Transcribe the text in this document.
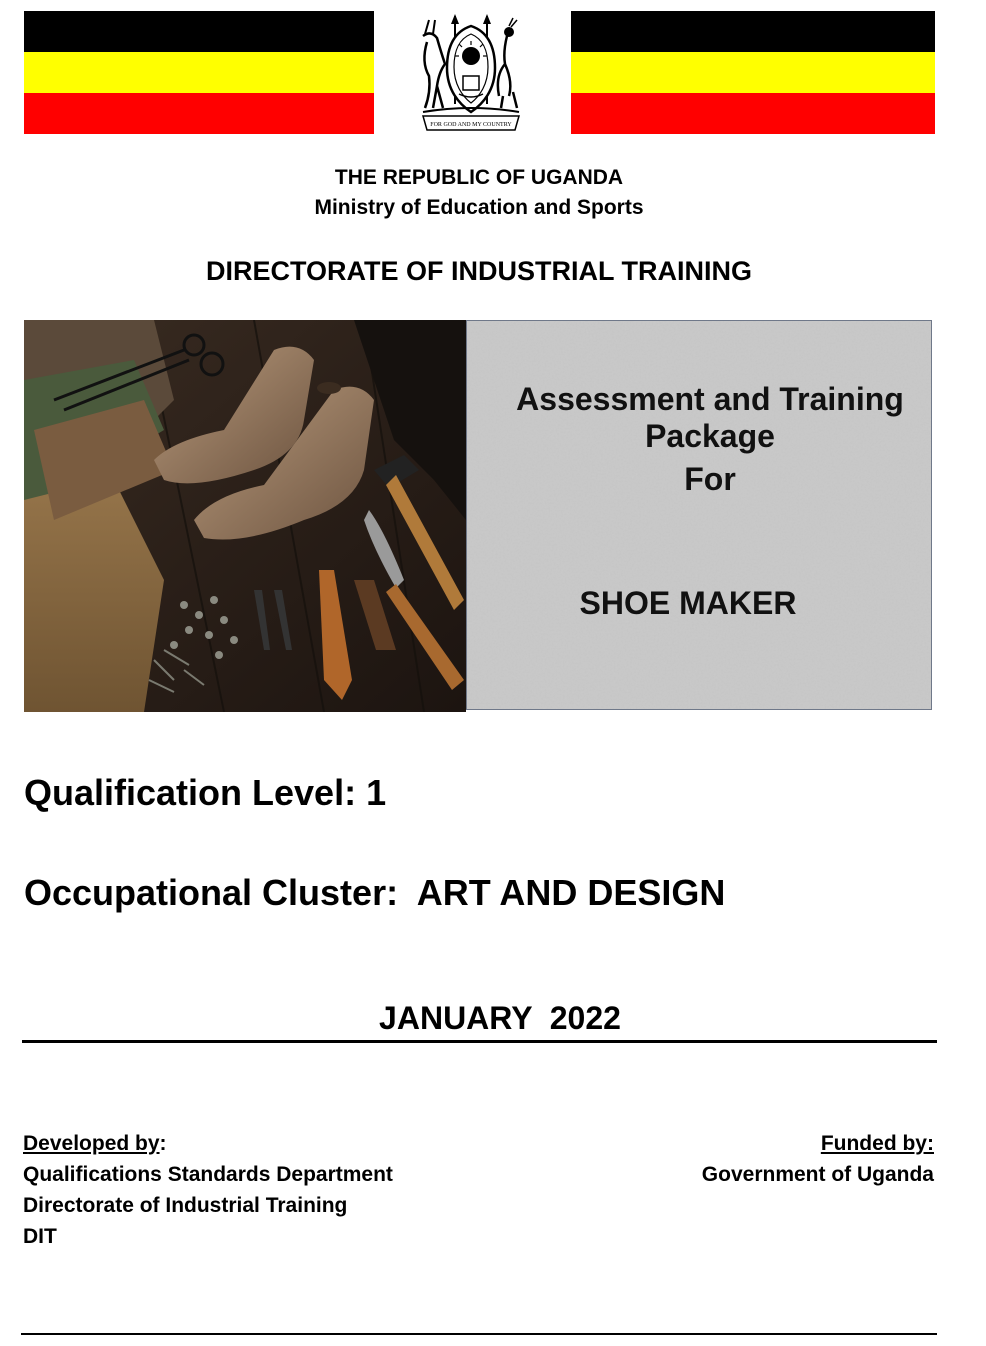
FOR GOD AND MY COUNTRY
THE REPUBLIC OF UGANDA
Ministry of Education and Sports
DIRECTORATE OF INDUSTRIAL TRAINING
Assessment and Training
Package
For
SHOE MAKER
Qualification Level: 1
Occupational Cluster:  ART AND DESIGN
JANUARY  2022
Developed by:
Qualifications Standards Department
Directorate of Industrial Training
DIT
Funded by:
Government of Uganda
